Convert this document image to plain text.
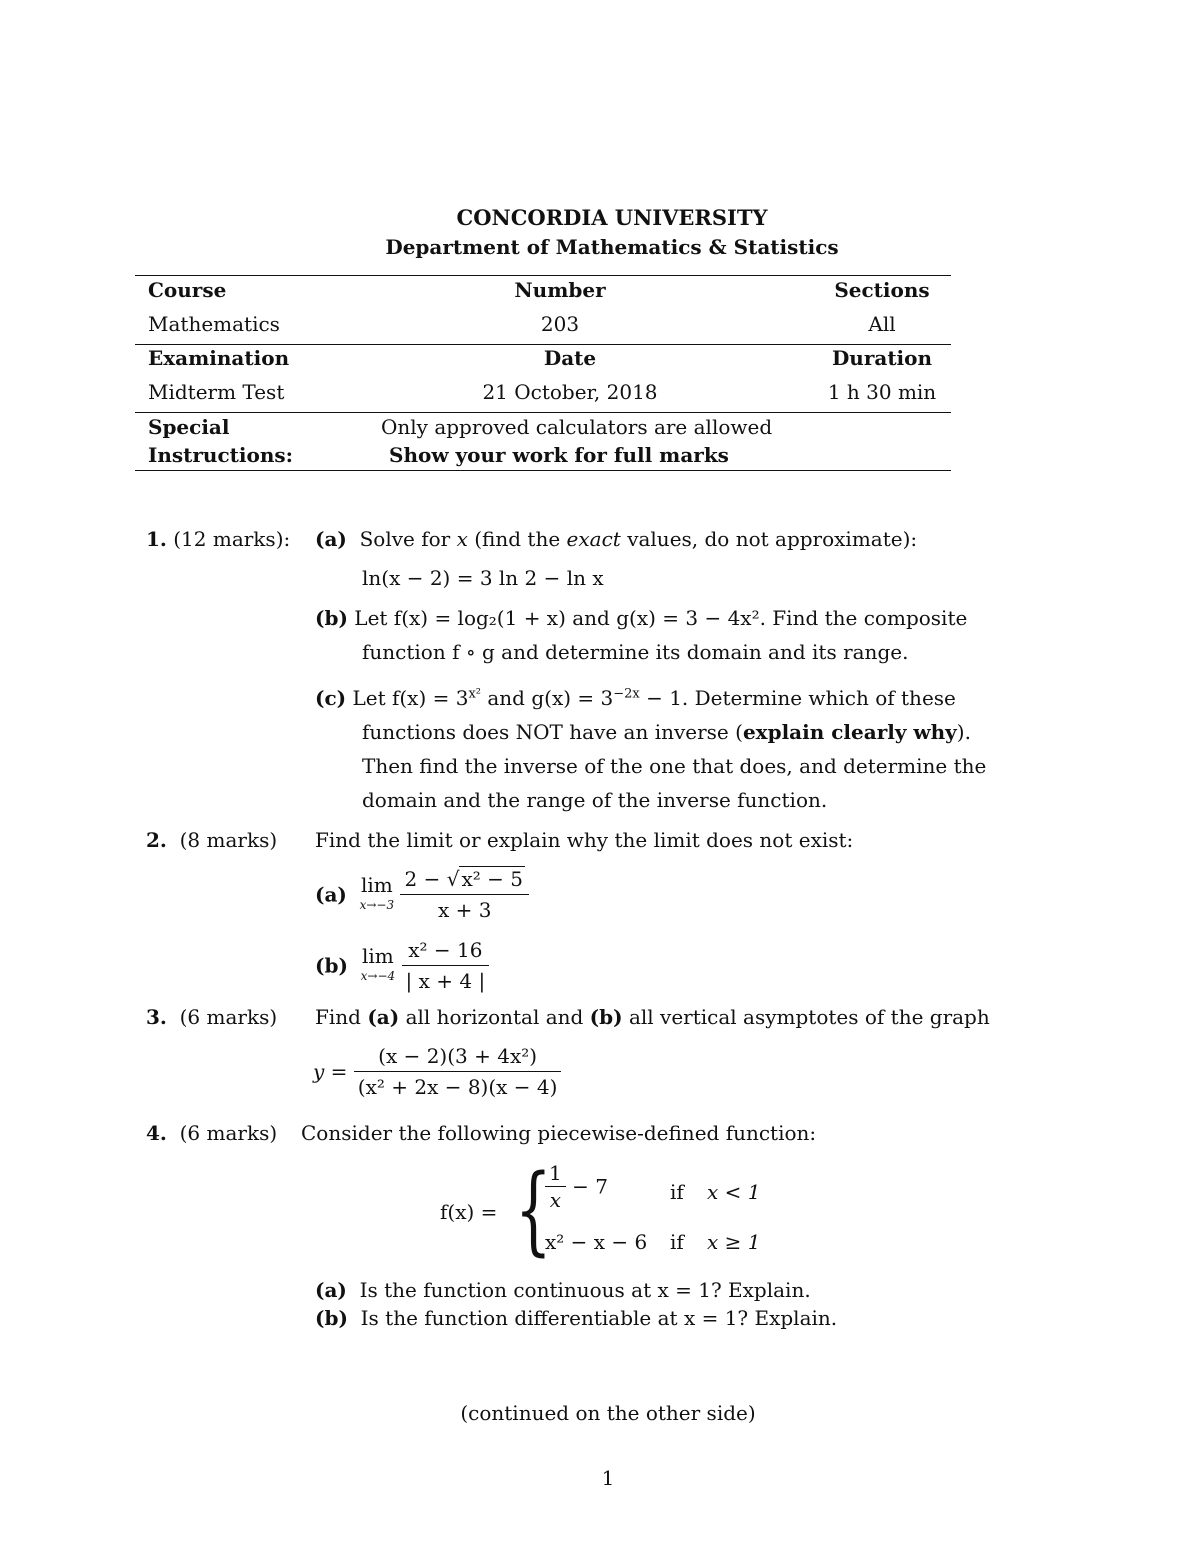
CONCORDIA UNIVERSITY
Department of Mathematics & Statistics
Course	Number	Sections
Mathematics	203	All
Examination	Date	Duration
Midterm Test	21 October, 2018	1 h 30 min
Special
Instructions:
Only approved calculators are allowed
Show your work for full marks
1. (12 marks): (a) Solve for x (find the exact values, do not approximate):
ln(x − 2) = 3 ln 2 − ln x
(b) Let f(x) = log₂(1 + x) and g(x) = 3 − 4x². Find the composite
function f ∘ g and determine its domain and its range.
(c) Let $f(x) = 3^{x^2}$ and $g(x) = 3^{-2x} - 1$. Determine which of these
functions does NOT have an inverse (explain clearly why).
Then find the inverse of the one that does, and determine the
domain and the range of the inverse function.
2. (8 marks) Find the limit or explain why the limit does not exist:
(a) lim
x→−3
$\frac{\text{2 − √ x² − 5}}{x + 3}$
(b) lim
x→−4
$\frac{\text{x² − 16}}{| x + 4 |}$
3. (6 marks) Find (a) all horizontal and (b) all vertical asymptotes of the graph
$y = \frac{\text{(x − 2)(3 + 4x²)}}{\text{(x² + 2x − 8)(x − 4)}}$
4. (6 marks) Consider the following piecewise-defined function:
f(x) = {
$\frac{1}{x} - 7$	if x < 1
x² − x − 6 if x ≥ 1
(a) Is the function continuous at x = 1? Explain.
(b) Is the function differentiable at x = 1? Explain.
(continued on the other side)
1
